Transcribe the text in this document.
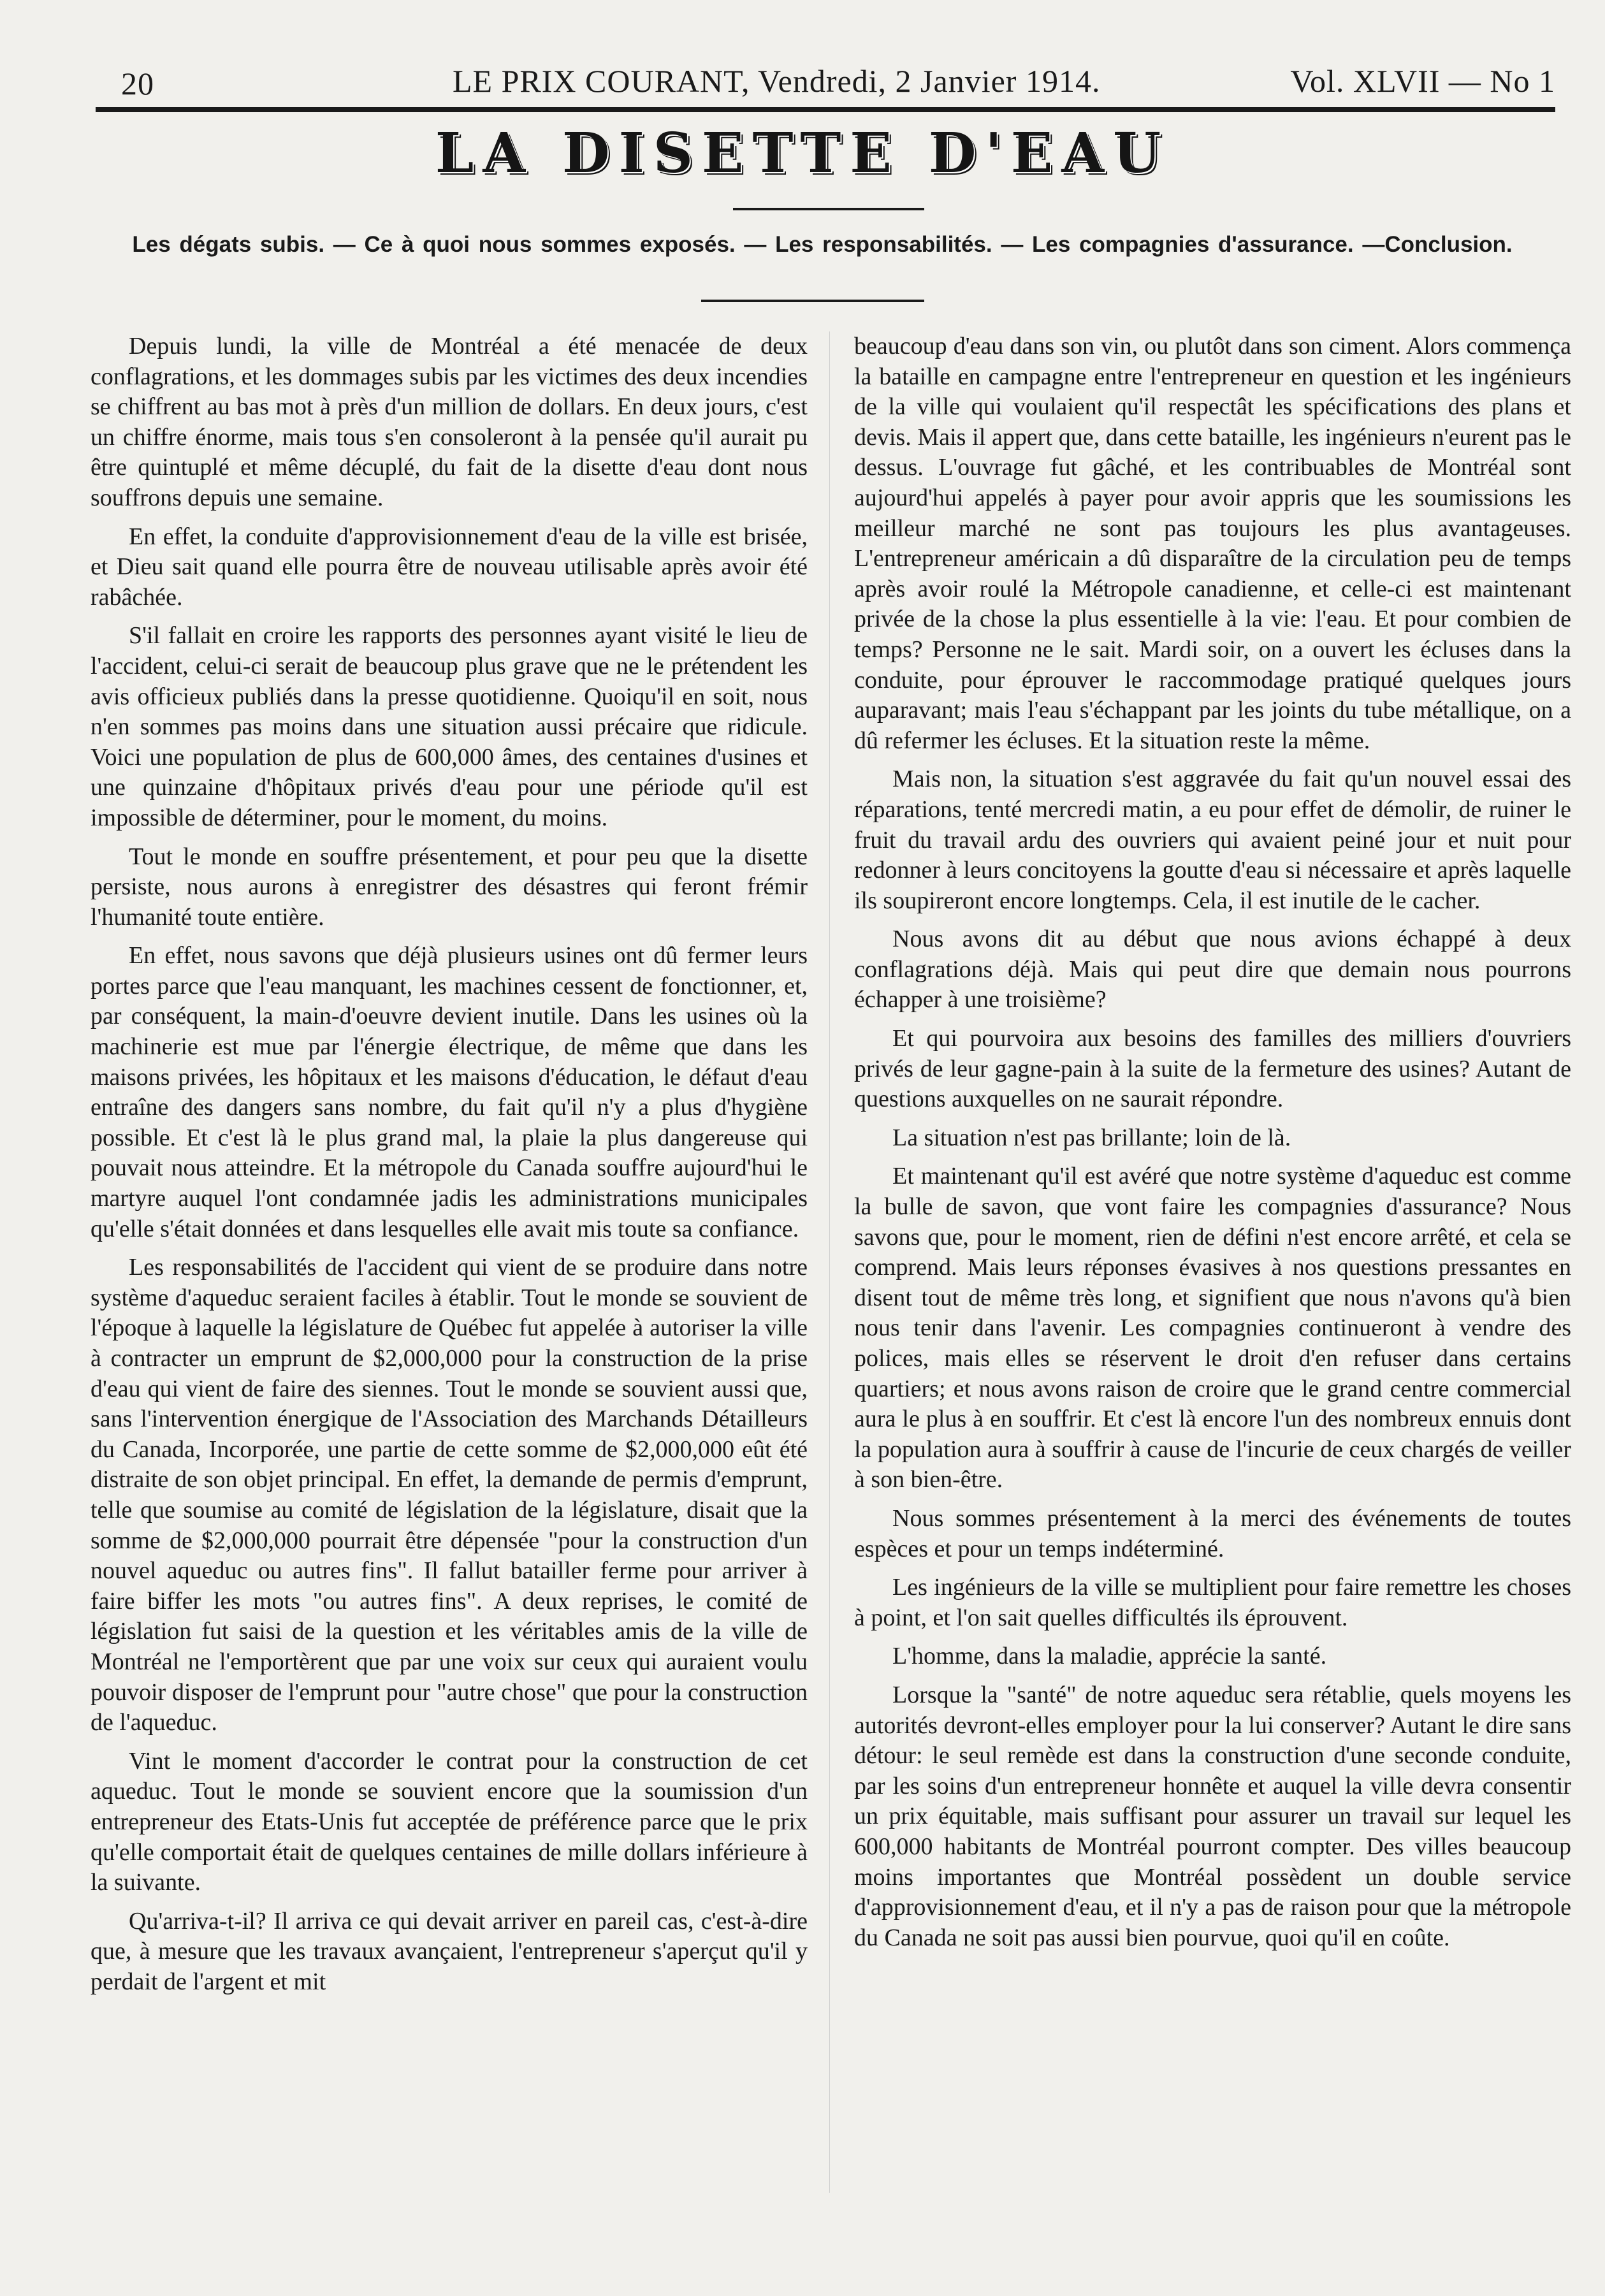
20	LE PRIX COURANT, Vendredi, 2 Janvier 1914.	Vol. XLVII — No 1
LA DISETTE D'EAU
Les dégats subis. — Ce à quoi nous sommes exposés. — Les responsabilités. — Les compagnies d'assurance. —Conclusion.

Depuis lundi, la ville de Montréal a été menacée de deux conflagrations, et les dommages subis par les victimes des deux incendies se chiffrent au bas mot à près d'un million de dollars. En deux jours, c'est un chiffre énorme, mais tous s'en consoleront à la pensée qu'il aurait pu être quintuplé et même décuplé, du fait de la disette d'eau dont nous souffrons depuis une semaine.

En effet, la conduite d'approvisionnement d'eau de la ville est brisée, et Dieu sait quand elle pourra être de nouveau utilisable après avoir été rabâchée.

S'il fallait en croire les rapports des personnes ayant visité le lieu de l'accident, celui-ci serait de beaucoup plus grave que ne le prétendent les avis officieux publiés dans la presse quotidienne. Quoiqu'il en soit, nous n'en sommes pas moins dans une situation aussi précaire que ridicule. Voici une population de plus de 600,000 âmes, des centaines d'usines et une quinzaine d'hôpitaux privés d'eau pour une période qu'il est impossible de déterminer, pour le moment, du moins.

Tout le monde en souffre présentement, et pour peu que la disette persiste, nous aurons à enregistrer des désastres qui feront frémir l'humanité toute entière.

En effet, nous savons que déjà plusieurs usines ont dû fermer leurs portes parce que l'eau manquant, les machines cessent de fonctionner, et, par conséquent, la main-d'oeuvre devient inutile. Dans les usines où la machinerie est mue par l'énergie électrique, de même que dans les maisons privées, les hôpitaux et les maisons d'éducation, le défaut d'eau entraîne des dangers sans nombre, du fait qu'il n'y a plus d'hygiène possible. Et c'est là le plus grand mal, la plaie la plus dangereuse qui pouvait nous atteindre. Et la métropole du Canada souffre aujourd'hui le martyre auquel l'ont condamnée jadis les administrations municipales qu'elle s'était données et dans lesquelles elle avait mis toute sa confiance.

Les responsabilités de l'accident qui vient de se produire dans notre système d'aqueduc seraient faciles à établir. Tout le monde se souvient de l'époque à laquelle la législature de Québec fut appelée à autoriser la ville à contracter un emprunt de $2,000,000 pour la construction de la prise d'eau qui vient de faire des siennes. Tout le monde se souvient aussi que, sans l'intervention énergique de l'Association des Marchands Détailleurs du Canada, Incorporée, une partie de cette somme de $2,000,000 eût été distraite de son objet principal. En effet, la demande de permis d'emprunt, telle que soumise au comité de législation de la législature, disait que la somme de $2,000,000 pourrait être dépensée "pour la construction d'un nouvel aqueduc ou autres fins". Il fallut batailler ferme pour arriver à faire biffer les mots "ou autres fins". A deux reprises, le comité de législation fut saisi de la question et les véritables amis de la ville de Montréal ne l'emportèrent que par une voix sur ceux qui auraient voulu pouvoir disposer de l'emprunt pour "autre chose" que pour la construction de l'aqueduc.

Vint le moment d'accorder le contrat pour la construction de cet aqueduc. Tout le monde se souvient encore que la soumission d'un entrepreneur des Etats-Unis fut acceptée de préférence parce que le prix qu'elle comportait était de quelques centaines de mille dollars inférieure à la suivante.

Qu'arriva-t-il? Il arriva ce qui devait arriver en pareil cas, c'est-à-dire que, à mesure que les travaux avançaient, l'entrepreneur s'aperçut qu'il y perdait de l'argent et mit

beaucoup d'eau dans son vin, ou plutôt dans son ciment. Alors commença la bataille en campagne entre l'entrepreneur en question et les ingénieurs de la ville qui voulaient qu'il respectât les spécifications des plans et devis. Mais il appert que, dans cette bataille, les ingénieurs n'eurent pas le dessus. L'ouvrage fut gâché, et les contribuables de Montréal sont aujourd'hui appelés à payer pour avoir appris que les soumissions les meilleur marché ne sont pas toujours les plus avantageuses. L'entrepreneur américain a dû disparaître de la circulation peu de temps après avoir roulé la Métropole canadienne, et celle-ci est maintenant privée de la chose la plus essentielle à la vie: l'eau. Et pour combien de temps? Personne ne le sait. Mardi soir, on a ouvert les écluses dans la conduite, pour éprouver le raccommodage pratiqué quelques jours auparavant; mais l'eau s'échappant par les joints du tube métallique, on a dû refermer les écluses. Et la situation reste la même.

Mais non, la situation s'est aggravée du fait qu'un nouvel essai des réparations, tenté mercredi matin, a eu pour effet de démolir, de ruiner le fruit du travail ardu des ouvriers qui avaient peiné jour et nuit pour redonner à leurs concitoyens la goutte d'eau si nécessaire et après laquelle ils soupireront encore longtemps. Cela, il est inutile de le cacher.

Nous avons dit au début que nous avions échappé à deux conflagrations déjà. Mais qui peut dire que demain nous pourrons échapper à une troisième?

Et qui pourvoira aux besoins des familles des milliers d'ouvriers privés de leur gagne-pain à la suite de la fermeture des usines? Autant de questions auxquelles on ne saurait répondre.

La situation n'est pas brillante; loin de là.

Et maintenant qu'il est avéré que notre système d'aqueduc est comme la bulle de savon, que vont faire les compagnies d'assurance? Nous savons que, pour le moment, rien de défini n'est encore arrêté, et cela se comprend. Mais leurs réponses évasives à nos questions pressantes en disent tout de même très long, et signifient que nous n'avons qu'à bien nous tenir dans l'avenir. Les compagnies continueront à vendre des polices, mais elles se réservent le droit d'en refuser dans certains quartiers; et nous avons raison de croire que le grand centre commercial aura le plus à en souffrir. Et c'est là encore l'un des nombreux ennuis dont la population aura à souffrir à cause de l'incurie de ceux chargés de veiller à son bien-être.

Nous sommes présentement à la merci des événements de toutes espèces et pour un temps indéterminé.

Les ingénieurs de la ville se multiplient pour faire remettre les choses à point, et l'on sait quelles difficultés ils éprouvent.

L'homme, dans la maladie, apprécie la santé.

Lorsque la "santé" de notre aqueduc sera rétablie, quels moyens les autorités devront-elles employer pour la lui conserver? Autant le dire sans détour: le seul remède est dans la construction d'une seconde conduite, par les soins d'un entrepreneur honnête et auquel la ville devra consentir un prix équitable, mais suffisant pour assurer un travail sur lequel les 600,000 habitants de Montréal pourront compter. Des villes beaucoup moins importantes que Montréal possèdent un double service d'approvisionnement d'eau, et il n'y a pas de raison pour que la métropole du Canada ne soit pas aussi bien pourvue, quoi qu'il en coûte.
